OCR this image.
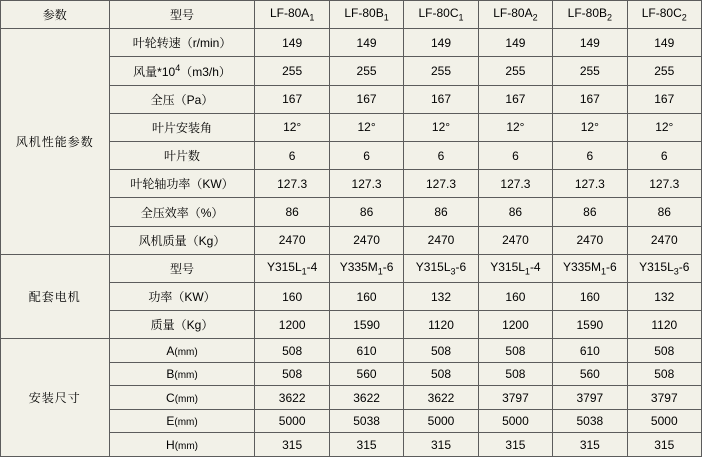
参数	型号	$LF-80A_1$	$LF-80B_1$	$LF-80C_1$	$LF-80A_2$	$LF-80B_2$	$LF-80C_2$
风机性能参数	叶轮转速（r/min）	149	149	149	149	149	149
	风量$*10^4(m3/h)$	255	255	255	255	255	255
	全压（Pa）	167	167	167	167	167	167
	叶片安装角	12°	12°	12°	12°	12°	12°
	叶片数	6	6	6	6	6	6
	叶轮轴功率（KW）	127.3	127.3	127.3	127.3	127.3	127.3
	全压效率（%）	86	86	86	86	86	86
	风机质量（Kg）	2470	2470	2470	2470	2470	2470
配套电机	型号	$Y315L_1-4$	$Y335M_1-6$	$Y315L_3-6$	$Y315L_1-4$	$Y335M_1-6$	$Y315L_3-6$
	功率（KW）	160	160	132	160	160	132
	质量（Kg）	1200	1590	1120	1200	1590	1120
安装尺寸	A(mm)	508	610	508	508	610	508
	B(mm)	508	560	508	508	560	508
	C(mm)	3622	3622	3622	3797	3797	3797
	E(mm)	5000	5038	5000	5000	5038	5000
	H(mm)	315	315	315	315	315	315
